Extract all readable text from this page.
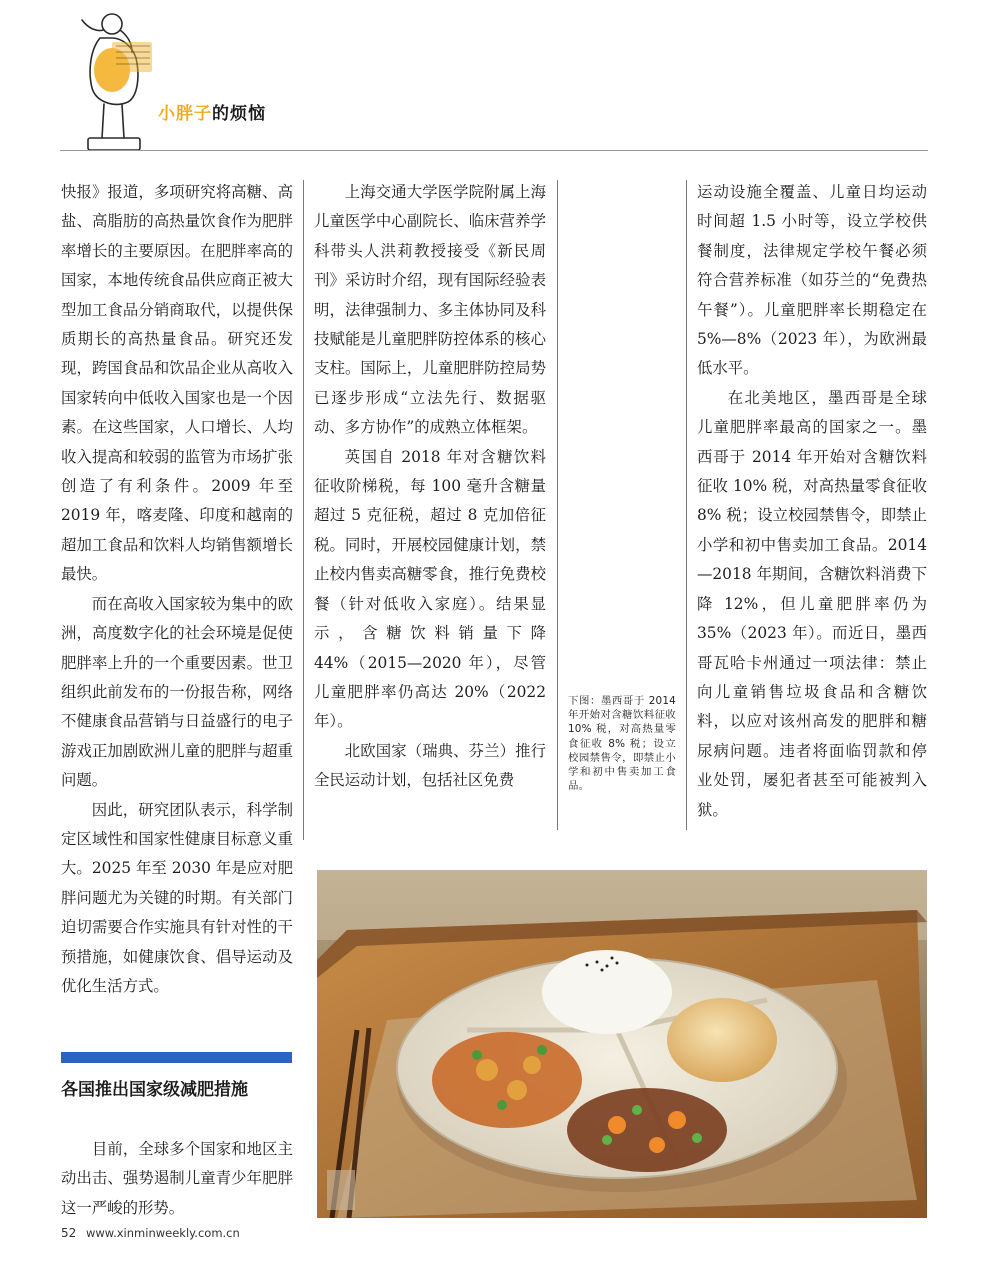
小胖子的烦恼

快报》报道，多项研究将高糖、高盐、高脂肪的高热量饮食作为肥胖率增长的主要原因。在肥胖率高的国家，本地传统食品供应商正被大型加工食品分销商取代，以提供保质期长的高热量食品。研究还发现，跨国食品和饮品企业从高收入国家转向中低收入国家也是一个因素。在这些国家，人口增长、人均收入提高和较弱的监管为市场扩张创造了有利条件。2009 年至 2019 年，喀麦隆、印度和越南的超加工食品和饮料人均销售额增长最快。

而在高收入国家较为集中的欧洲，高度数字化的社会环境是促使肥胖率上升的一个重要因素。世卫组织此前发布的一份报告称，网络不健康食品营销与日益盛行的电子游戏正加剧欧洲儿童的肥胖与超重问题。

因此，研究团队表示，科学制定区域性和国家性健康目标意义重大。2025 年至 2030 年是应对肥胖问题尤为关键的时期。有关部门迫切需要合作实施具有针对性的干预措施，如健康饮食、倡导运动及优化生活方式。

上海交通大学医学院附属上海儿童医学中心副院长、临床营养学科带头人洪莉教授接受《新民周刊》采访时介绍，现有国际经验表明，法律强制力、多主体协同及科技赋能是儿童肥胖防控体系的核心支柱。国际上，儿童肥胖防控局势已逐步形成“立法先行、数据驱动、多方协作”的成熟立体框架。

英国自 2018 年对含糖饮料征收阶梯税，每 100 毫升含糖量超过 5 克征税，超过 8 克加倍征税。同时，开展校园健康计划，禁止校内售卖高糖零食，推行免费校餐（针对低收入家庭）。结果显示，含糖饮料销量下降 44%（2015—2020 年），尽管儿童肥胖率仍高达 20%（2022 年）。

北欧国家（瑞典、芬兰）推行全民运动计划，包括社区免费

下图：墨西哥于 2014 年开始对含糖饮料征收 10% 税，对高热量零食征收 8% 税；设立校园禁售令，即禁止小学和初中售卖加工食品。

运动设施全覆盖、儿童日均运动时间超 1.5 小时等，设立学校供餐制度，法律规定学校午餐必须符合营养标准（如芬兰的“免费热午餐”）。儿童肥胖率长期稳定在 5%—8%（2023 年），为欧洲最低水平。

在北美地区，墨西哥是全球儿童肥胖率最高的国家之一。墨西哥于 2014 年开始对含糖饮料征收 10% 税，对高热量零食征收 8% 税；设立校园禁售令，即禁止小学和初中售卖加工食品。2014—2018 年期间，含糖饮料消费下降 12%，但儿童肥胖率仍为 35%（2023 年）。而近日，墨西哥瓦哈卡州通过一项法律：禁止向儿童销售垃圾食品和含糖饮料，以应对该州高发的肥胖和糖尿病问题。违者将面临罚款和停业处罚，屡犯者甚至可能被判入狱。

各国推出国家级减肥措施
目前，全球多个国家和地区主动出击、强势遏制儿童青少年肥胖这一严峻的形势。
52 www.xinminweekly.com.cn
